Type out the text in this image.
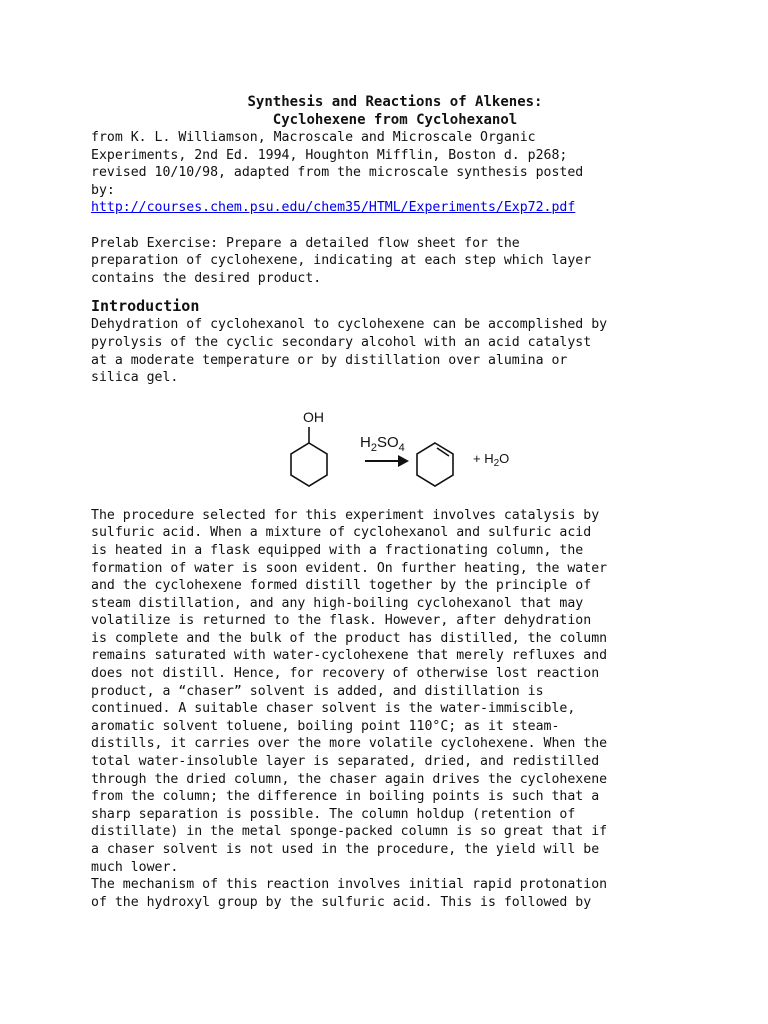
Synthesis and Reactions of Alkenes:
Cyclohexene from Cyclohexanol

from K. L. Williamson, Macroscale and Microscale Organic
Experiments, 2nd Ed. 1994, Houghton Mifflin, Boston d. p268;
revised 10/10/98, adapted from the microscale synthesis posted
by:
http://courses.chem.psu.edu/chem35/HTML/Experiments/Exp72.pdf

Prelab Exercise: Prepare a detailed flow sheet for the
preparation of cyclohexene, indicating at each step which layer
contains the desired product.

Introduction

Dehydration of cyclohexanol to cyclohexene can be accomplished by
pyrolysis of the cyclic secondary alcohol with an acid catalyst
at a moderate temperature or by distillation over alumina or
silica gel.

OH
$H_2SO_4$
+ $H_2O$

The procedure selected for this experiment involves catalysis by
sulfuric acid. When a mixture of cyclohexanol and sulfuric acid
is heated in a flask equipped with a fractionating column, the
formation of water is soon evident. On further heating, the water
and the cyclohexene formed distill together by the principle of
steam distillation, and any high-boiling cyclohexanol that may
volatilize is returned to the flask. However, after dehydration
is complete and the bulk of the product has distilled, the column
remains saturated with water-cyclohexene that merely refluxes and
does not distill. Hence, for recovery of otherwise lost reaction
product, a “chaser” solvent is added, and distillation is
continued. A suitable chaser solvent is the water-immiscible,
aromatic solvent toluene, boiling point 110°C; as it steam-
distills, it carries over the more volatile cyclohexene. When the
total water-insoluble layer is separated, dried, and redistilled
through the dried column, the chaser again drives the cyclohexene
from the column; the difference in boiling points is such that a
sharp separation is possible. The column holdup (retention of
distillate) in the metal sponge-packed column is so great that if
a chaser solvent is not used in the procedure, the yield will be
much lower.
The mechanism of this reaction involves initial rapid protonation
of the hydroxyl group by the sulfuric acid. This is followed by
